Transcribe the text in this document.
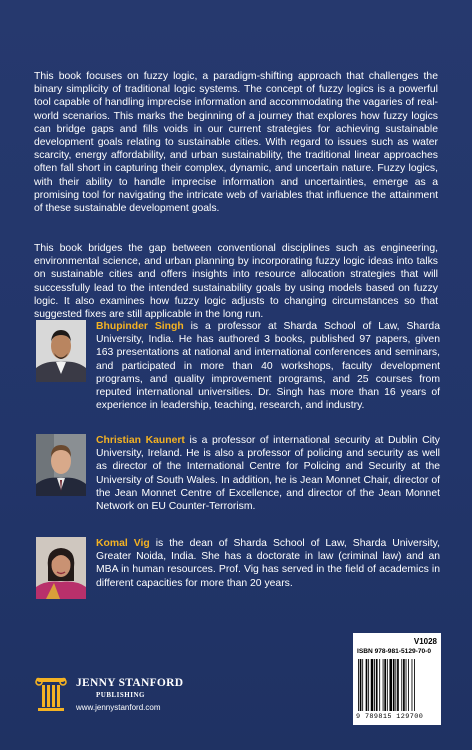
This book focuses on fuzzy logic, a paradigm-shifting approach that challenges the binary simplicity of traditional logic systems. The concept of fuzzy logics is a powerful tool capable of handling imprecise information and accommodating the vagaries of real-world scenarios. This marks the beginning of a journey that explores how fuzzy logics can bridge gaps and fills voids in our current strategies for achieving sustainable development goals relating to sustainable cities. With regard to issues such as water scarcity, energy affordability, and urban sustainability, the traditional linear approaches often fall short in capturing their complex, dynamic, and uncertain nature. Fuzzy logics, with their ability to handle imprecise information and uncertainties, emerge as a promising tool for navigating the intricate web of variables that influence the attainment of these sustainable development goals.

This book bridges the gap between conventional disciplines such as engineering, environmental science, and urban planning by incorporating fuzzy logic ideas into talks on sustainable cities and offers insights into resource allocation strategies that will successfully lead to the intended sustainability goals by using models based on fuzzy logic. It also examines how fuzzy logic adjusts to changing circumstances so that suggested fixes are still applicable in the long run.

Bhupinder Singh is a professor at Sharda School of Law, Sharda University, India. He has authored 3 books, published 97 papers, given 163 presentations at national and international conferences and seminars, and participated in more than 40 workshops, faculty development programs, and quality improvement programs, and 25 courses from reputed international universities. Dr. Singh has more than 16 years of experience in leadership, teaching, research, and industry.

Christian Kaunert is a professor of international security at Dublin City University, Ireland. He is also a professor of policing and security as well as director of the International Centre for Policing and Security at the University of South Wales. In addition, he is Jean Monnet Chair, director of the Jean Monnet Centre of Excellence, and director of the Jean Monnet Network on EU Counter-Terrorism.

Komal Vig is the dean of Sharda School of Law, Sharda University, Greater Noida, India. She has a doctorate in law (criminal law) and an MBA in human resources. Prof. Vig has served in the field of academics in different capacities for more than 20 years.

JENNY STANFORD
PUBLISHING
www.jennystanford.com
V1028
ISBN 978-981-5129-70-0
9 789815 129700
